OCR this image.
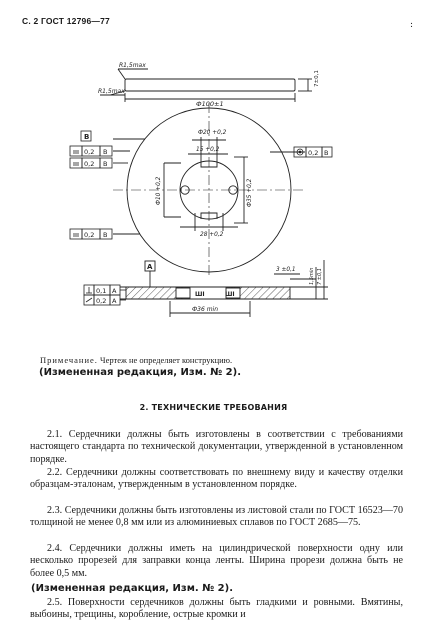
С. 2 ГОСТ 12796—77	:
R1,5max
R1,5max
7±0,1
Ф100±1
Ф20 +0,2
15 +0,2
28 +0,2
Ф10 +0,2	Ф35 +0,2
В
0,2 В
0,2 В
0,2 В
0,2 В
А
ШI	ШI
Ф36 min
3 ±0,1	1,5min 7 ±0,1
0,1 А
0,2 А
Примечание. Чертеж не определяет конструкцию.
(Измененная редакция, Изм. № 2).
2. ТЕХНИЧЕСКИЕ ТРЕБОВАНИЯ
2.1. Сердечники должны быть изготовлены в соответствии с требованиями настоящего стандарта по технической документации, утвержденной в установленном порядке.
2.2. Сердечники должны соответствовать по внешнему виду и качеству отделки образцам-эталонам, утвержденным в установленном порядке.
2.3. Сердечники должны быть изготовлены из листовой стали по ГОСТ 16523—70 толщиной не менее 0,8 мм или из алюминиевых сплавов по ГОСТ 2685—75.
2.4. Сердечники должны иметь на цилиндрической поверхности одну или несколько прорезей для заправки конца ленты. Ширина прорези должна быть не более 0,5 мм.
(Измененная редакция, Изм. № 2).
2.5. Поверхности сердечников должны быть гладкими и ровными. Вмятины, выбоины, трещины, коробление, острые кромки и
